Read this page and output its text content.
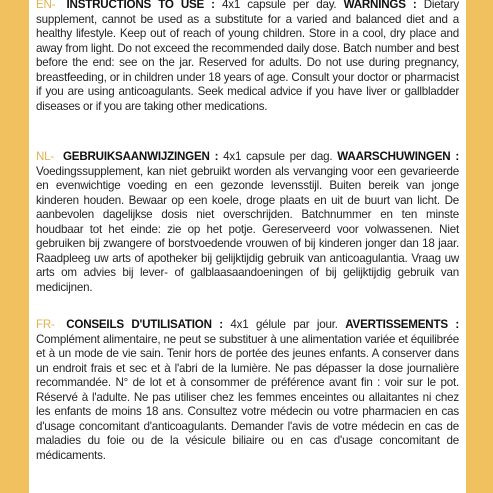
EN- INSTRUCTIONS TO USE : 4x1 capsule per day. WARNINGS : Dietary supplement, cannot be used as a substitute for a varied and balanced diet and a healthy lifestyle. Keep out of reach of young children. Store in a cool, dry place and away from light. Do not exceed the recommended daily dose. Batch number and best before the end: see on the jar. Reserved for adults. Do not use during pregnancy, breastfeeding, or in children under 18 years of age. Consult your doctor or pharmacist if you are using anticoagulants. Seek medical advice if you have liver or gallbladder diseases or if you are taking other medications.
NL- GEBRUIKSAANWIJZINGEN : 4x1 capsule per dag. WAARSCHUWINGEN : Voedingssupplement, kan niet gebruikt worden als vervanging voor een gevarieerde en evenwichtige voeding en een gezonde levensstijl. Buiten bereik van jonge kinderen houden. Bewaar op een koele, droge plaats en uit de buurt van licht. De aanbevolen dagelijkse dosis niet overschrijden. Batchnummer en ten minste houdbaar tot het einde: zie op het potje. Gereserveerd voor volwassenen. Niet gebruiken bij zwangere of borstvoedende vrouwen of bij kinderen jonger dan 18 jaar. Raadpleeg uw arts of apotheker bij gelijktijdig gebruik van anticoagulantia. Vraag uw arts om advies bij lever- of galblaasaandoeningen of bij gelijktijdig gebruik van medicijnen.
FR- CONSEILS D'UTILISATION : 4x1 gélule par jour. AVERTISSEMENTS : Complément alimentaire, ne peut se substituer à une alimentation variée et équilibrée et à un mode de vie sain. Tenir hors de portée des jeunes enfants. A conserver dans un endroit frais et sec et à l'abri de la lumière. Ne pas dépasser la dose journalière recommandée. N° de lot et à consommer de préférence avant fin : voir sur le pot. Réservé à l'adulte. Ne pas utiliser chez les femmes enceintes ou allaitantes ni chez les enfants de moins 18 ans. Consultez votre médecin ou votre pharmacien en cas d'usage concomitant d'anticoagulants. Demander l'avis de votre médecin en cas de maladies du foie ou de la vésicule biliaire ou en cas d'usage concomitant de médicaments.
